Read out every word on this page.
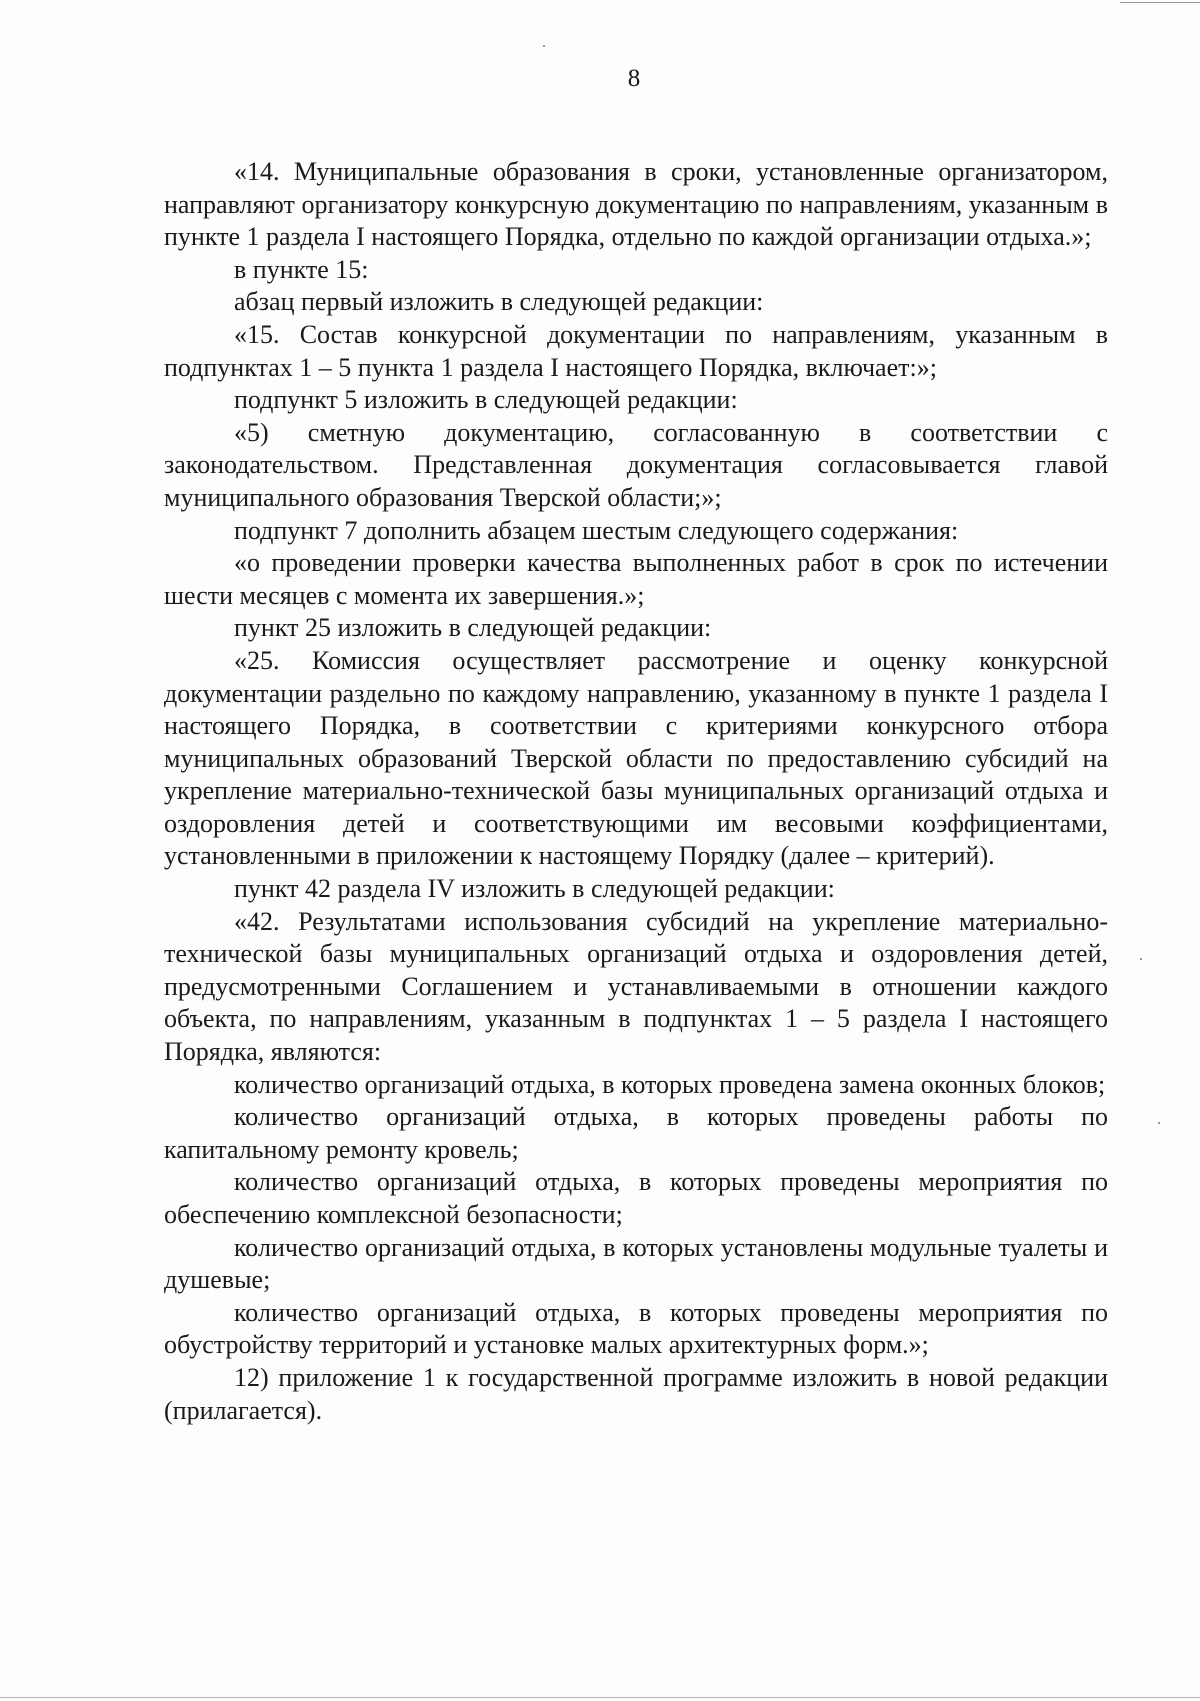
8

«14. Муниципальные образования в сроки, установленные организатором, направляют организатору конкурсную документацию по направлениям, указанным в пункте 1 раздела I настоящего Порядка, отдельно по каждой организации отдыха.»;

в пункте 15:

абзац первый изложить в следующей редакции:

«15. Состав конкурсной документации по направлениям, указанным в подпунктах 1 – 5 пункта 1 раздела I настоящего Порядка, включает:»;

подпункт 5 изложить в следующей редакции:

«5) сметную документацию, согласованную в соответствии с законодательством. Представленная документация согласовывается главой муниципального образования Тверской области;»;

подпункт 7 дополнить абзацем шестым следующего содержания:

«о проведении проверки качества выполненных работ в срок по истечении шести месяцев с момента их завершения.»;

пункт 25 изложить в следующей редакции:

«25. Комиссия осуществляет рассмотрение и оценку конкурсной документации раздельно по каждому направлению, указанному в пункте 1 раздела I настоящего Порядка, в соответствии с критериями конкурсного отбора муниципальных образований Тверской области по предоставлению субсидий на укрепление материально-технической базы муниципальных организаций отдыха и оздоровления детей и соответствующими им весовыми коэффициентами, установленными в приложении к настоящему Порядку (далее – критерий).

пункт 42 раздела IV изложить в следующей редакции:

«42. Результатами использования субсидий на укрепление материально-технической базы муниципальных организаций отдыха и оздоровления детей, предусмотренными Соглашением и устанавливаемыми в отношении каждого объекта, по направлениям, указанным в подпунктах 1 – 5 раздела I настоящего Порядка, являются:

количество организаций отдыха, в которых проведена замена оконных блоков;

количество организаций отдыха, в которых проведены работы по капитальному ремонту кровель;

количество организаций отдыха, в которых проведены мероприятия по обеспечению комплексной безопасности;

количество организаций отдыха, в которых установлены модульные туалеты и душевые;

количество организаций отдыха, в которых проведены мероприятия по обустройству территорий и установке малых архитектурных форм.»;

12) приложение 1 к государственной программе изложить в новой редакции (прилагается).
